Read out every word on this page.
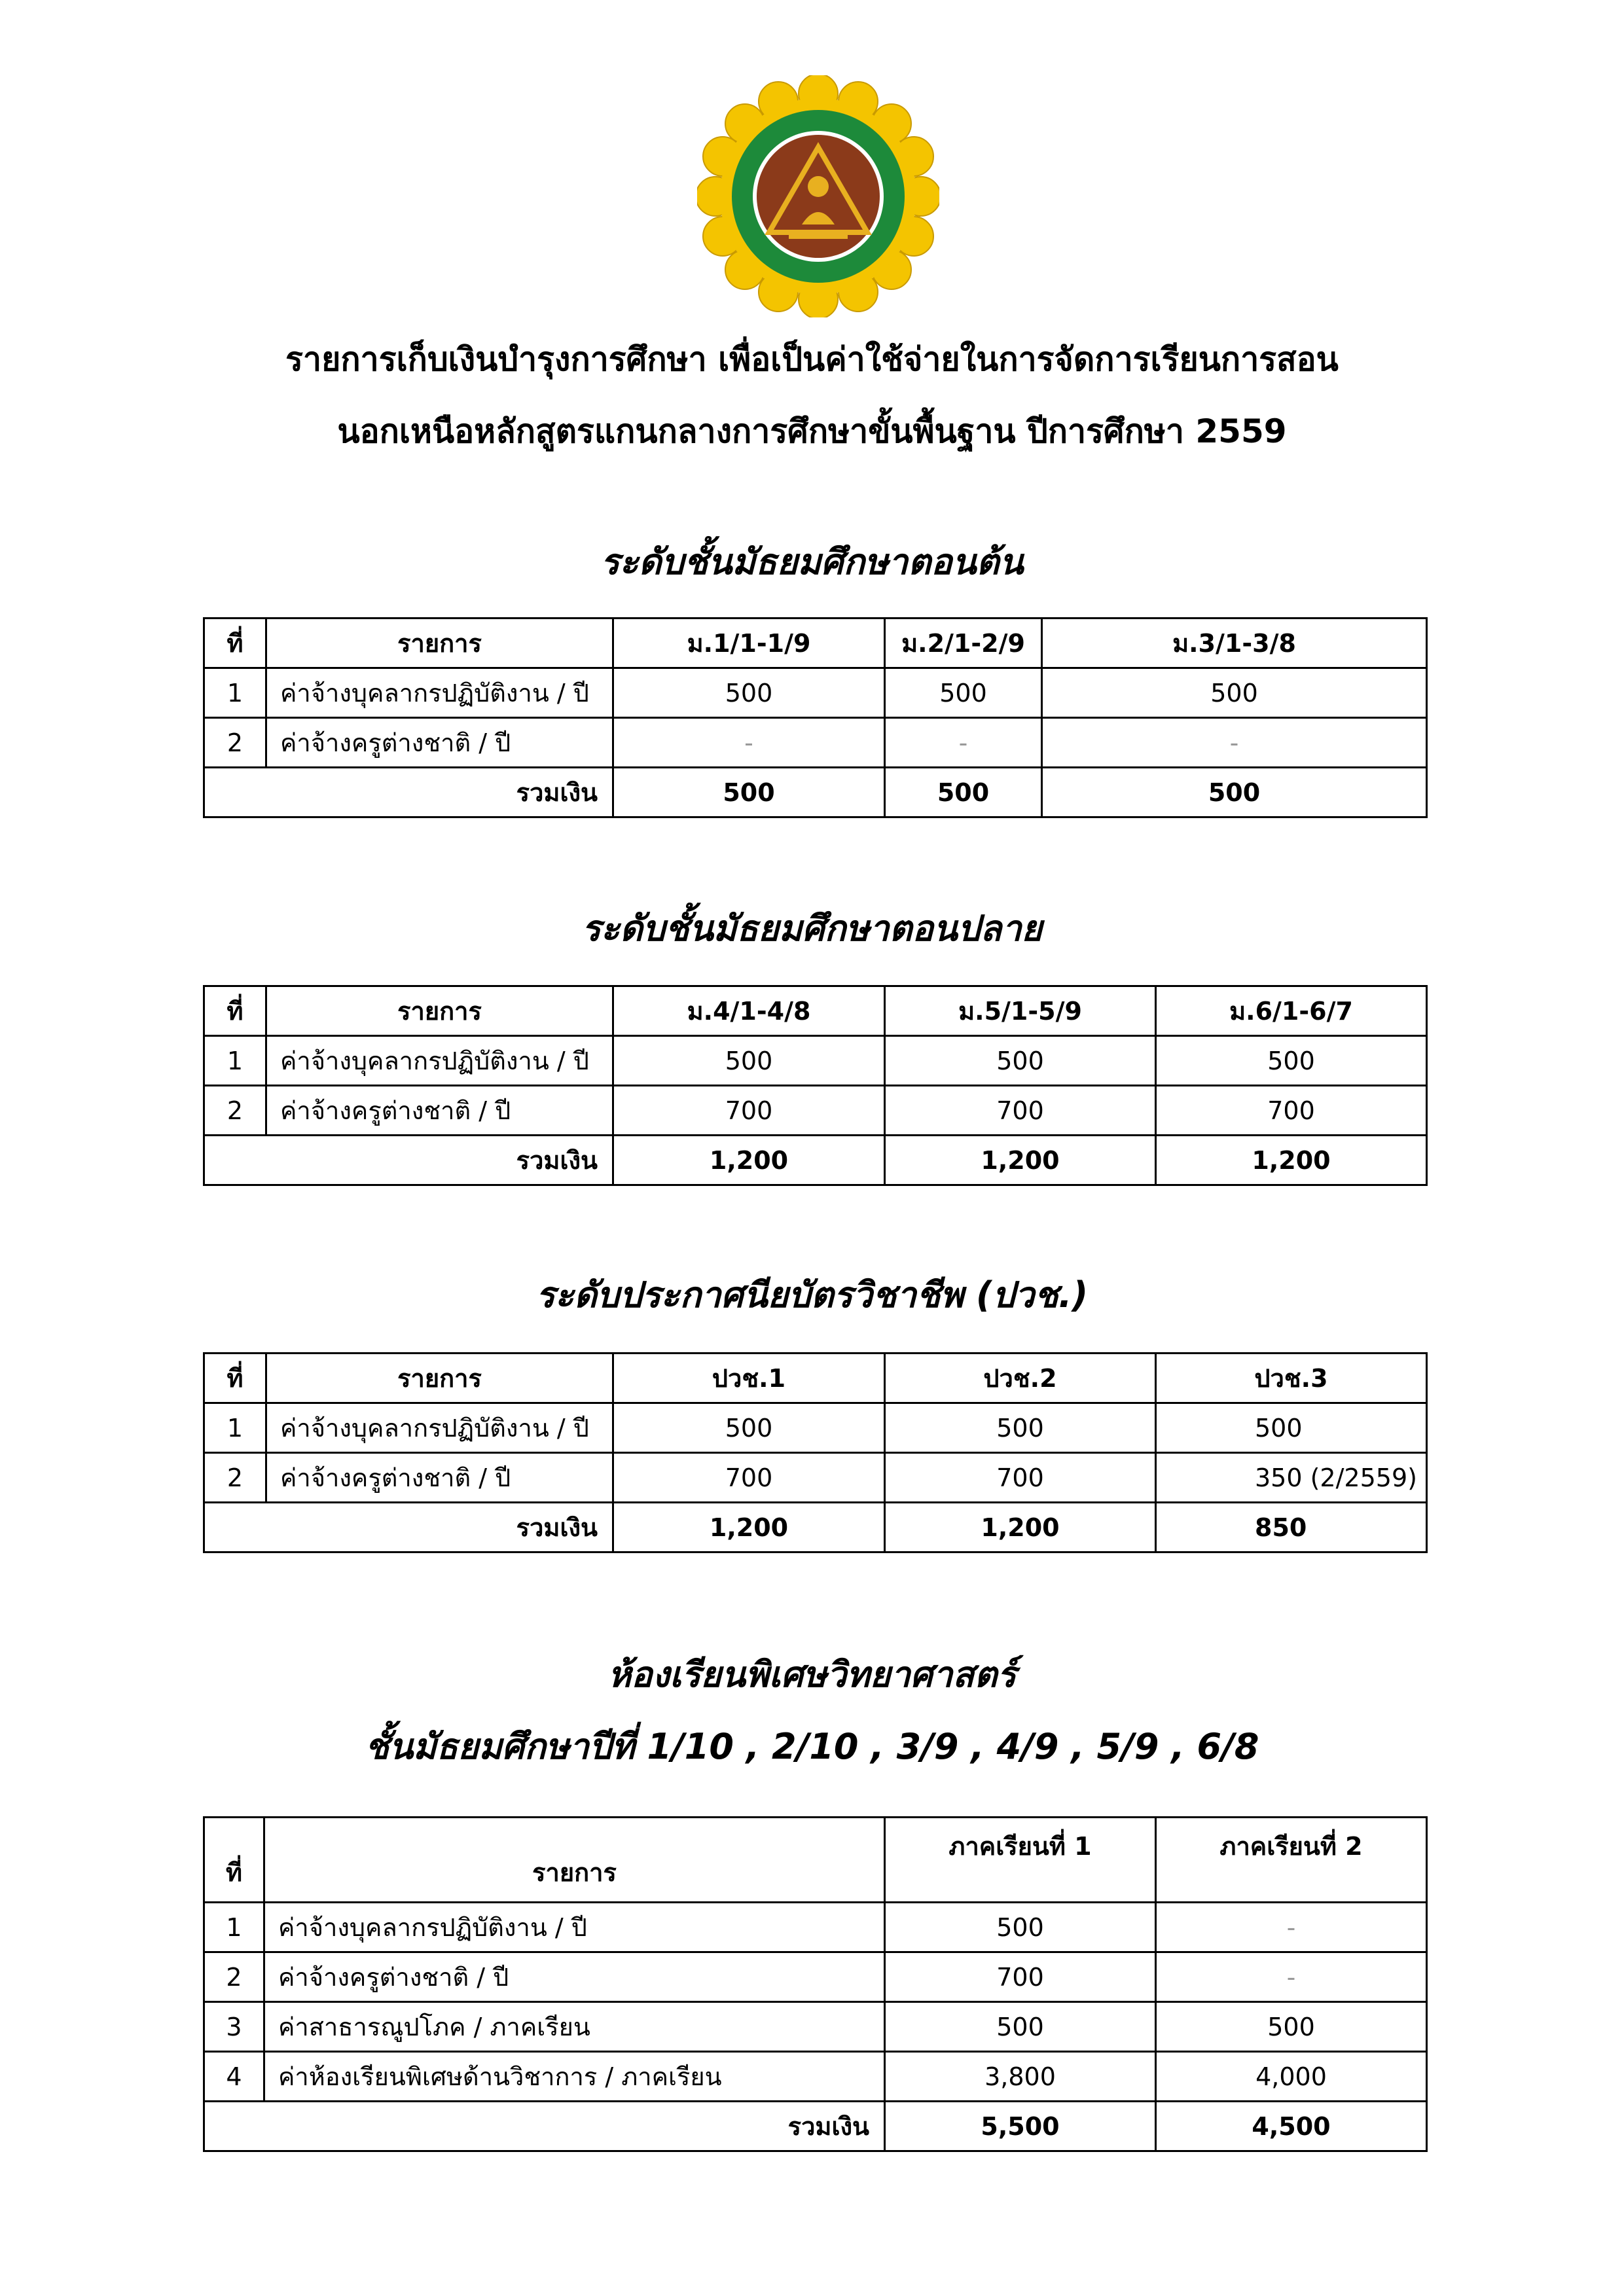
รายการเก็บเงินบำรุงการศึกษา เพื่อเป็นค่าใช้จ่ายในการจัดการเรียนการสอน
นอกเหนือหลักสูตรแกนกลางการศึกษาขั้นพื้นฐาน ปีการศึกษา 2559
ระดับชั้นมัธยมศึกษาตอนต้น
ที่	รายการ	ม.1/1-1/9	ม.2/1-2/9	ม.3/1-3/8
1	ค่าจ้างบุคลากรปฏิบัติงาน / ปี	500	500	500
2	ค่าจ้างครูต่างชาติ / ปี	-	-	-
รวมเงิน		500	500	500
ระดับชั้นมัธยมศึกษาตอนปลาย
ที่	รายการ	ม.4/1-4/8	ม.5/1-5/9	ม.6/1-6/7
1	ค่าจ้างบุคลากรปฏิบัติงาน / ปี	500	500	500
2	ค่าจ้างครูต่างชาติ / ปี	700	700	700
รวมเงิน		1,200	1,200	1,200
ระดับประกาศนียบัตรวิชาชีพ (ปวช.)
ที่	รายการ	ปวช.1	ปวช.2	ปวช.3
1	ค่าจ้างบุคลากรปฏิบัติงาน / ปี	500	500	500
2	ค่าจ้างครูต่างชาติ / ปี	700	700	350 (2/2559)
รวมเงิน		1,200	1,200	850
ห้องเรียนพิเศษวิทยาศาสตร์
ชั้นมัธยมศึกษาปีที่ 1/10 , 2/10 , 3/9 , 4/9 , 5/9 , 6/8
ที่	รายการ	ภาคเรียนที่ 1	ภาคเรียนที่ 2
1	ค่าจ้างบุคลากรปฏิบัติงาน / ปี	500	-
2	ค่าจ้างครูต่างชาติ / ปี	700	-
3	ค่าสาธารณูปโภค / ภาคเรียน	500	500
4	ค่าห้องเรียนพิเศษด้านวิชาการ / ภาคเรียน	3,800	4,000
รวมเงิน		5,500	4,500
